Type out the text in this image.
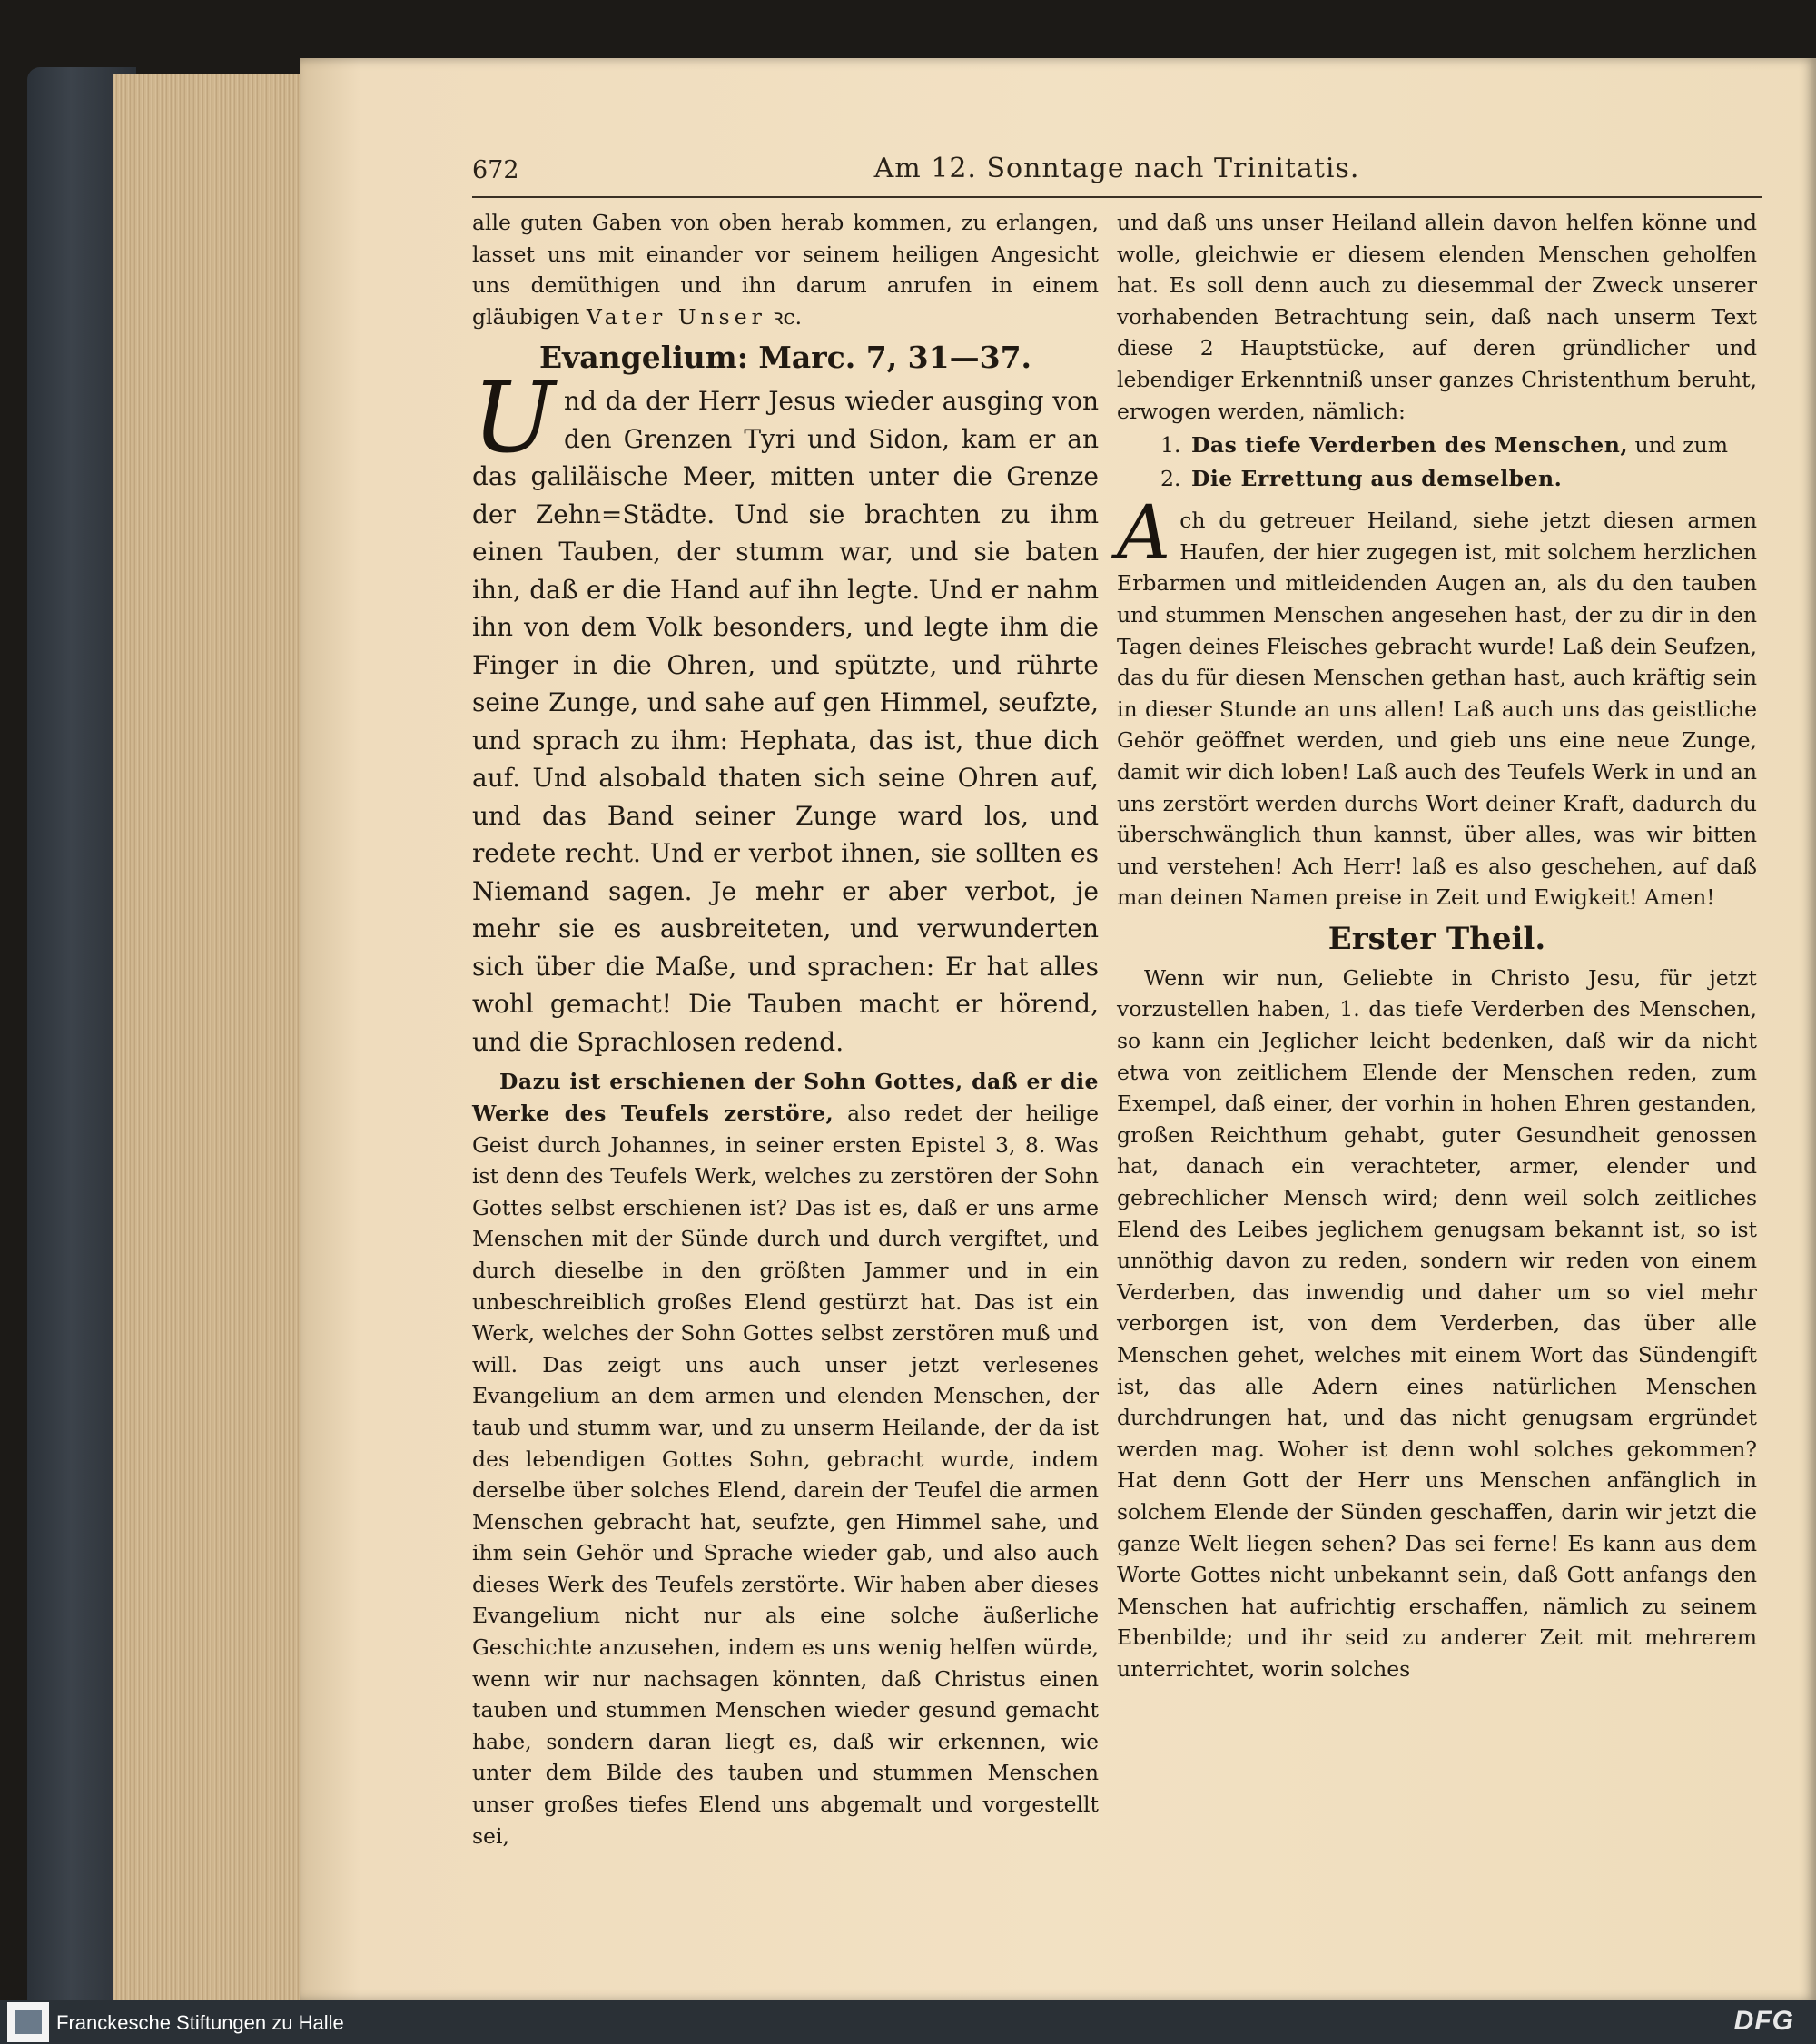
672	Am 12. Sonntage nach Trinitatis.

alle guten Gaben von oben herab kommen, zu erlangen, lasset uns mit einander vor seinem heiligen Angesicht uns demüthigen und ihn darum anrufen in einem gläubigen Vater Unser ꝛc.

Evangelium: Marc. 7, 31—37.

Und da der Herr Jesus wieder ausging von den Grenzen Tyri und Sidon, kam er an das galiläische Meer, mitten unter die Grenze der Zehn=Städte. Und sie brachten zu ihm einen Tauben, der stumm war, und sie baten ihn, daß er die Hand auf ihn legte. Und er nahm ihn von dem Volk besonders, und legte ihm die Finger in die Ohren, und spützte, und rührte seine Zunge, und sahe auf gen Himmel, seufzte, und sprach zu ihm: Hephata, das ist, thue dich auf. Und alsobald thaten sich seine Ohren auf, und das Band seiner Zunge ward los, und redete recht. Und er verbot ihnen, sie sollten es Niemand sagen. Je mehr er aber verbot, je mehr sie es ausbreiteten, und verwunderten sich über die Maße, und sprachen: Er hat alles wohl gemacht! Die Tauben macht er hörend, und die Sprachlosen redend.

Dazu ist erschienen der Sohn Gottes, daß er die Werke des Teufels zerstöre, also redet der heilige Geist durch Johannes, in seiner ersten Epistel 3, 8. Was ist denn des Teufels Werk, welches zu zerstören der Sohn Gottes selbst erschienen ist? Das ist es, daß er uns arme Menschen mit der Sünde durch und durch vergiftet, und durch dieselbe in den größten Jammer und in ein unbeschreiblich großes Elend gestürzt hat. Das ist ein Werk, welches der Sohn Gottes selbst zerstören muß und will. Das zeigt uns auch unser jetzt verlesenes Evangelium an dem armen und elenden Menschen, der taub und stumm war, und zu unserm Heilande, der da ist des lebendigen Gottes Sohn, gebracht wurde, indem derselbe über solches Elend, darein der Teufel die armen Menschen gebracht hat, seufzte, gen Himmel sahe, und ihm sein Gehör und Sprache wieder gab, und also auch dieses Werk des Teufels zerstörte. Wir haben aber dieses Evangelium nicht nur als eine solche äußerliche Geschichte anzusehen, indem es uns wenig helfen würde, wenn wir nur nachsagen könnten, daß Christus einen tauben und stummen Menschen wieder gesund gemacht habe, sondern daran liegt es, daß wir erkennen, wie unter dem Bilde des tauben und stummen Menschen unser großes tiefes Elend uns abgemalt und vorgestellt sei,

und daß uns unser Heiland allein davon helfen könne und wolle, gleichwie er diesem elenden Menschen geholfen hat. Es soll denn auch zu diesemmal der Zweck unserer vorhabenden Betrachtung sein, daß nach unserm Text diese 2 Hauptstücke, auf deren gründlicher und lebendiger Erkenntniß unser ganzes Christenthum beruht, erwogen werden, nämlich:

1. Das tiefe Verderben des Menschen, und zum
2. Die Errettung aus demselben.

Ach du getreuer Heiland, siehe jetzt diesen armen Haufen, der hier zugegen ist, mit solchem herzlichen Erbarmen und mitleidenden Augen an, als du den tauben und stummen Menschen angesehen hast, der zu dir in den Tagen deines Fleisches gebracht wurde! Laß dein Seufzen, das du für diesen Menschen gethan hast, auch kräftig sein in dieser Stunde an uns allen! Laß auch uns das geistliche Gehör geöffnet werden, und gieb uns eine neue Zunge, damit wir dich loben! Laß auch des Teufels Werk in und an uns zerstört werden durchs Wort deiner Kraft, dadurch du überschwänglich thun kannst, über alles, was wir bitten und verstehen! Ach Herr! laß es also geschehen, auf daß man deinen Namen preise in Zeit und Ewigkeit! Amen!

Erster Theil.

Wenn wir nun, Geliebte in Christo Jesu, für jetzt vorzustellen haben, 1. das tiefe Verderben des Menschen, so kann ein Jeglicher leicht bedenken, daß wir da nicht etwa von zeitlichem Elende der Menschen reden, zum Exempel, daß einer, der vorhin in hohen Ehren gestanden, großen Reichthum gehabt, guter Gesundheit genossen hat, danach ein verachteter, armer, elender und gebrechlicher Mensch wird; denn weil solch zeitliches Elend des Leibes jeglichem genugsam bekannt ist, so ist unnöthig davon zu reden, sondern wir reden von einem Verderben, das inwendig und daher um so viel mehr verborgen ist, von dem Verderben, das über alle Menschen gehet, welches mit einem Wort das Sündengift ist, das alle Adern eines natürlichen Menschen durchdrungen hat, und das nicht genugsam ergründet werden mag. Woher ist denn wohl solches gekommen? Hat denn Gott der Herr uns Menschen anfänglich in solchem Elende der Sünden geschaffen, darin wir jetzt die ganze Welt liegen sehen? Das sei ferne! Es kann aus dem Worte Gottes nicht unbekannt sein, daß Gott anfangs den Menschen hat aufrichtig erschaffen, nämlich zu seinem Ebenbilde; und ihr seid zu anderer Zeit mit mehrerem unterrichtet, worin solches

Franckesche Stiftungen zu Halle	DFG
